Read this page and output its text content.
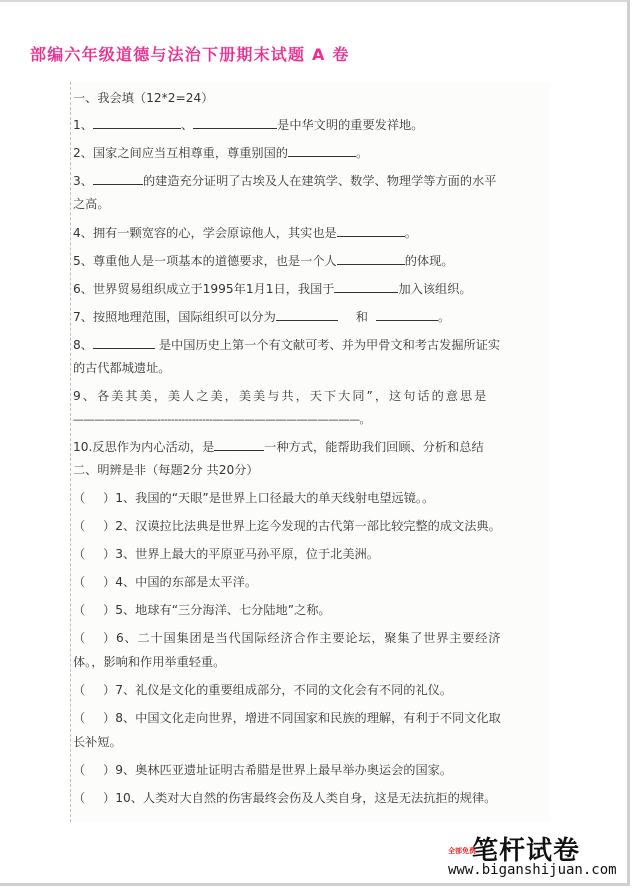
部编六年级道德与法治下册期末试题 A 卷
一、我会填（12*2=24）
1、	、	是中华文明的重要发祥地。
2、国家之间应当互相尊重，尊重别国的	。
3、	的建造充分证明了古埃及人在建筑学、数学、物理学等方面的水平
之高。
4、拥有一颗宽容的心，学会原谅他人，其实也是	。
5、尊重他人是一项基本的道德要求，也是一个人	的体现。
6、世界贸易组织成立于1995年1月1日，我国于	加入该组织。
7、按照地理范围，国际组织可以分为	和	。
8、	是中国历史上第一个有文献可考、并为甲骨文和考古发掘所证实
的古代都城遗址。
9、各美其美，美人之美，美美与共，天下大同”，这句话的意思是
————————----------------——————————————。
10.反思作为内心活动，是	一种方式，能帮助我们回顾、分析和总结
二、明辨是非（每题2分 共20分）
（ ）1、我国的“天眼”是世界上口径最大的单天线射电望远镜。。
（ ）2、汉谟拉比法典是世界上迄今发现的古代第一部比较完整的成文法典。
（ ）3、世界上最大的平原亚马孙平原，位于北美洲。
（ ）4、中国的东部是太平洋。
（ ）5、地球有“三分海洋、七分陆地”之称。
（ ）6、二十国集团是当代国际经济合作主要论坛，聚集了世界主要经济
体。，影响和作用举重轻重。
（ ）7、礼仪是文化的重要组成部分，不同的文化会有不同的礼仪。
（ ）8、中国文化走向世界，增进不同国家和民族的理解，有利于不同文化取
长补短。
（ ）9、奥林匹亚遗址证明古希腊是世界上最早举办奥运会的国家。
（ ）10、人类对大自然的伤害最终会伤及人类自身，这是无法抗拒的规律。
全部免费
笔杆试卷
www.biganshijuan.com
